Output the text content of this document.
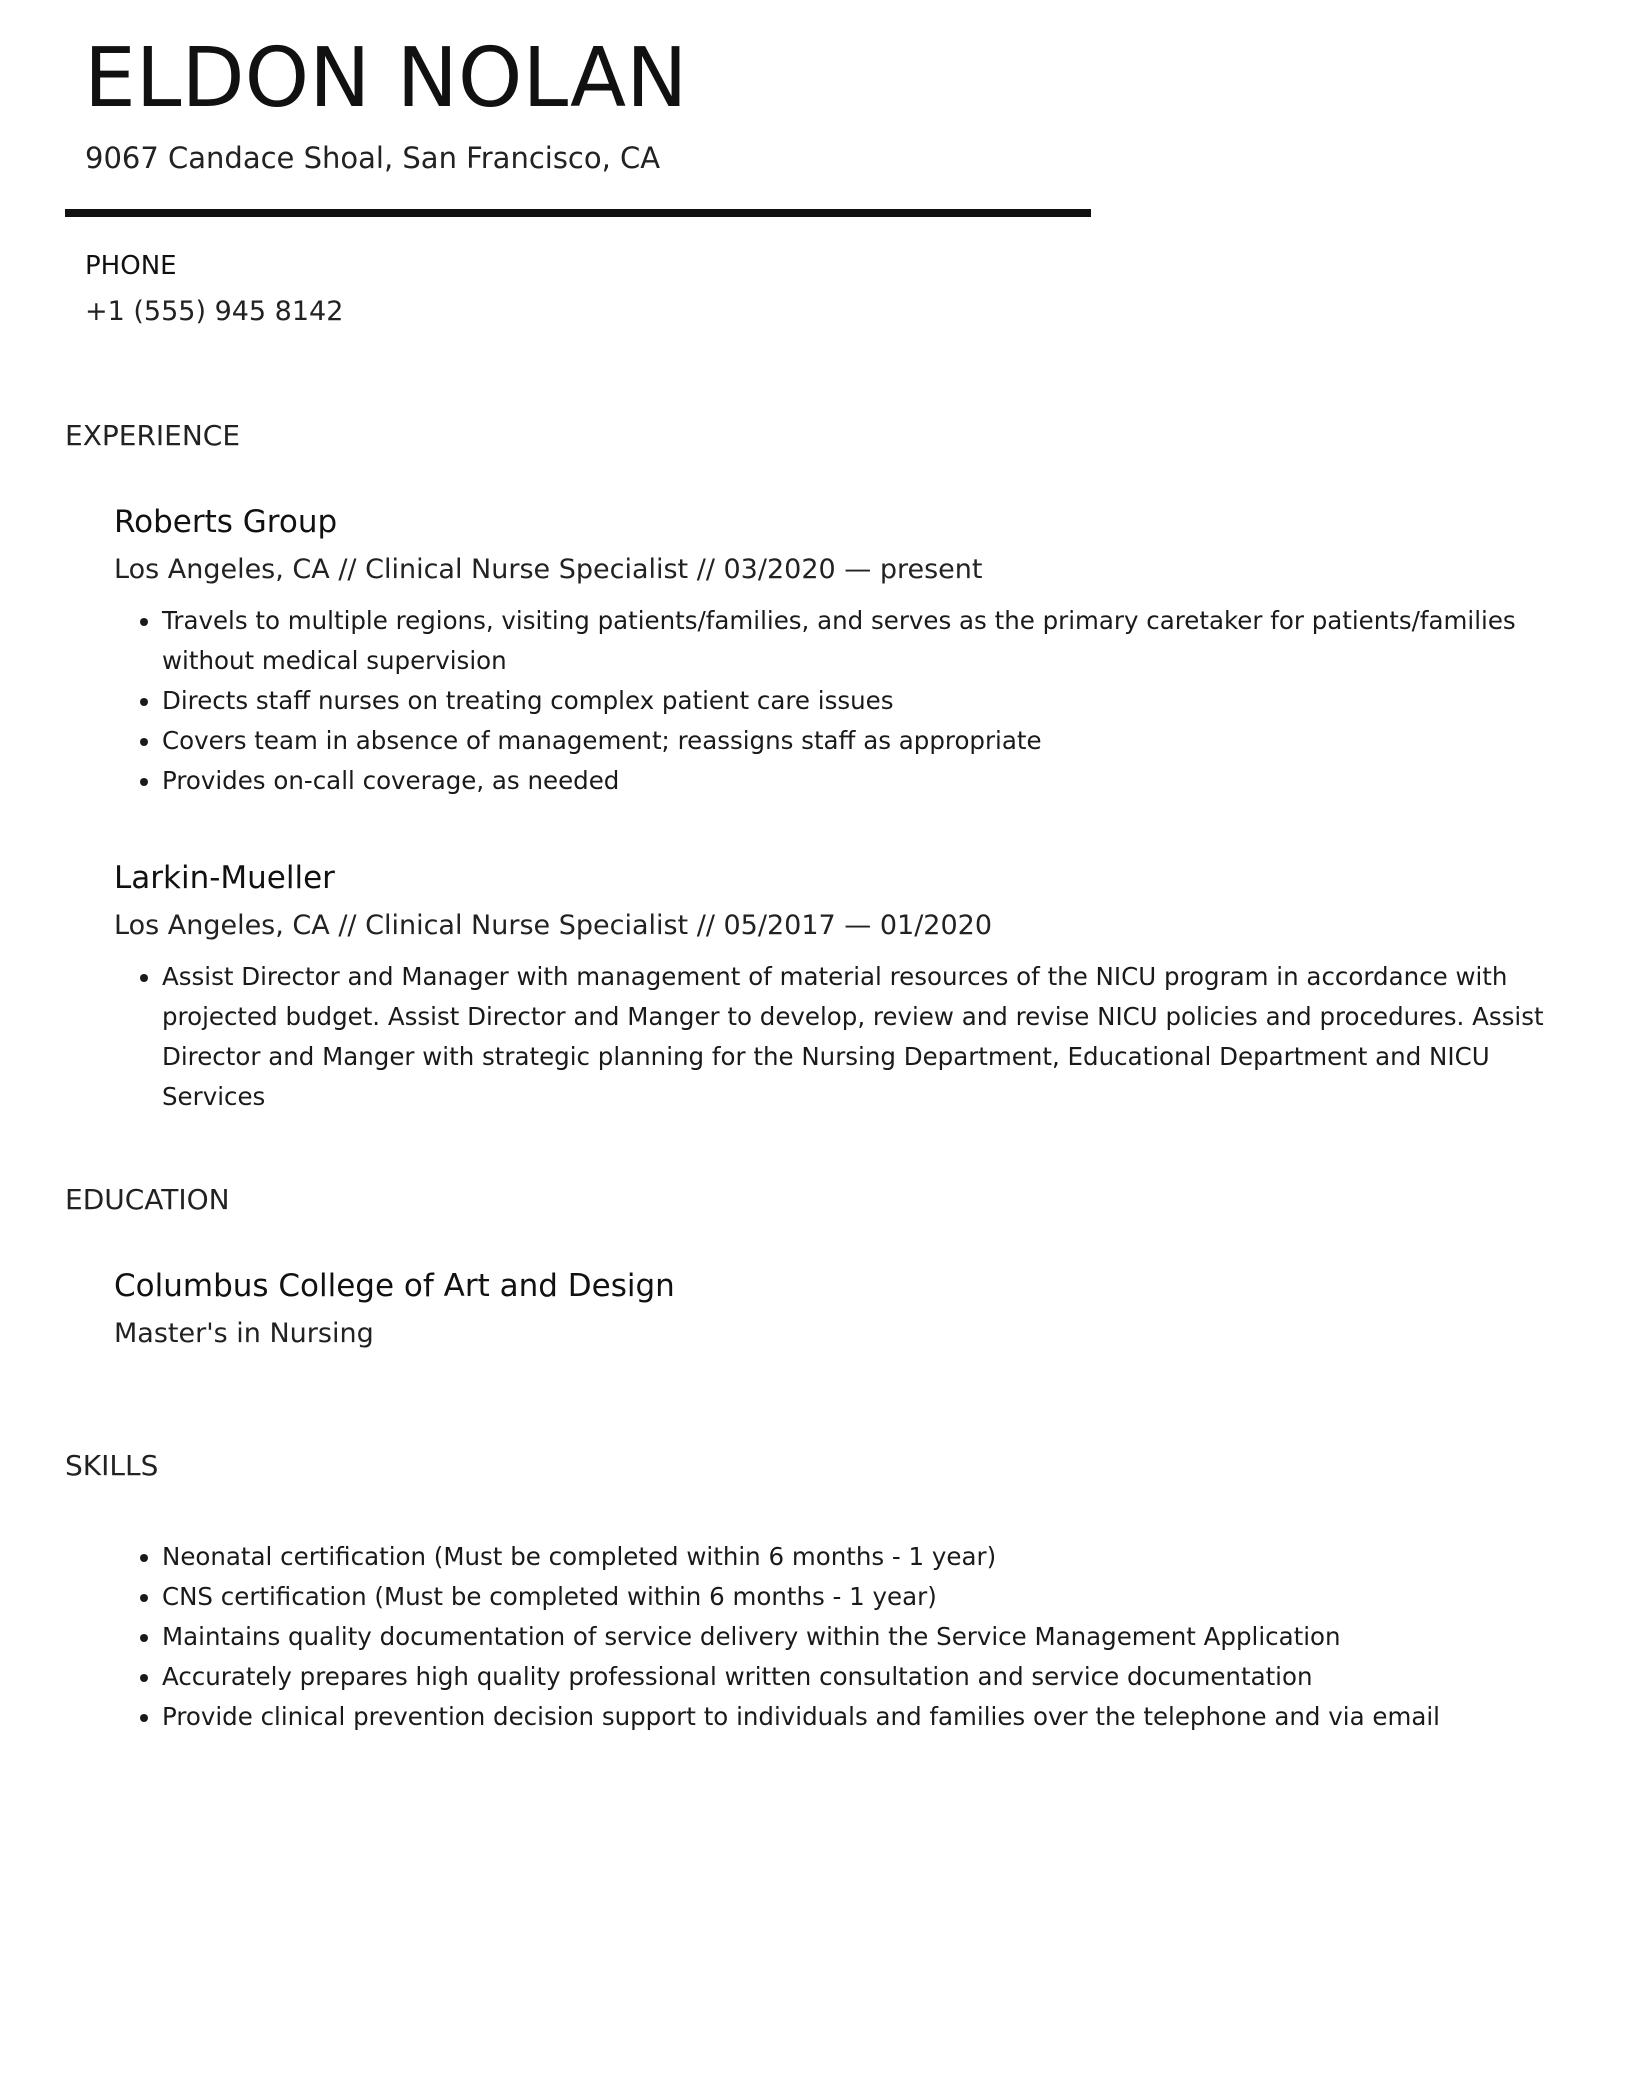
ELDON NOLAN
9067 Candace Shoal, San Francisco, CA
PHONE
+1 (555) 945 8142
EXPERIENCE
Roberts Group
Los Angeles, CA // Clinical Nurse Specialist // 03/2020 — present
• Travels to multiple regions, visiting patients/families, and serves as the primary caretaker for patients/families without medical supervision
• Directs staff nurses on treating complex patient care issues
• Covers team in absence of management; reassigns staff as appropriate
• Provides on-call coverage, as needed
Larkin-Mueller
Los Angeles, CA // Clinical Nurse Specialist // 05/2017 — 01/2020
• Assist Director and Manager with management of material resources of the NICU program in accordance with projected budget. Assist Director and Manger to develop, review and revise NICU policies and procedures. Assist Director and Manger with strategic planning for the Nursing Department, Educational Department and NICU Services
EDUCATION
Columbus College of Art and Design
Master's in Nursing
SKILLS
• Neonatal certification (Must be completed within 6 months - 1 year)
• CNS certification (Must be completed within 6 months - 1 year)
• Maintains quality documentation of service delivery within the Service Management Application
• Accurately prepares high quality professional written consultation and service documentation
• Provide clinical prevention decision support to individuals and families over the telephone and via email
